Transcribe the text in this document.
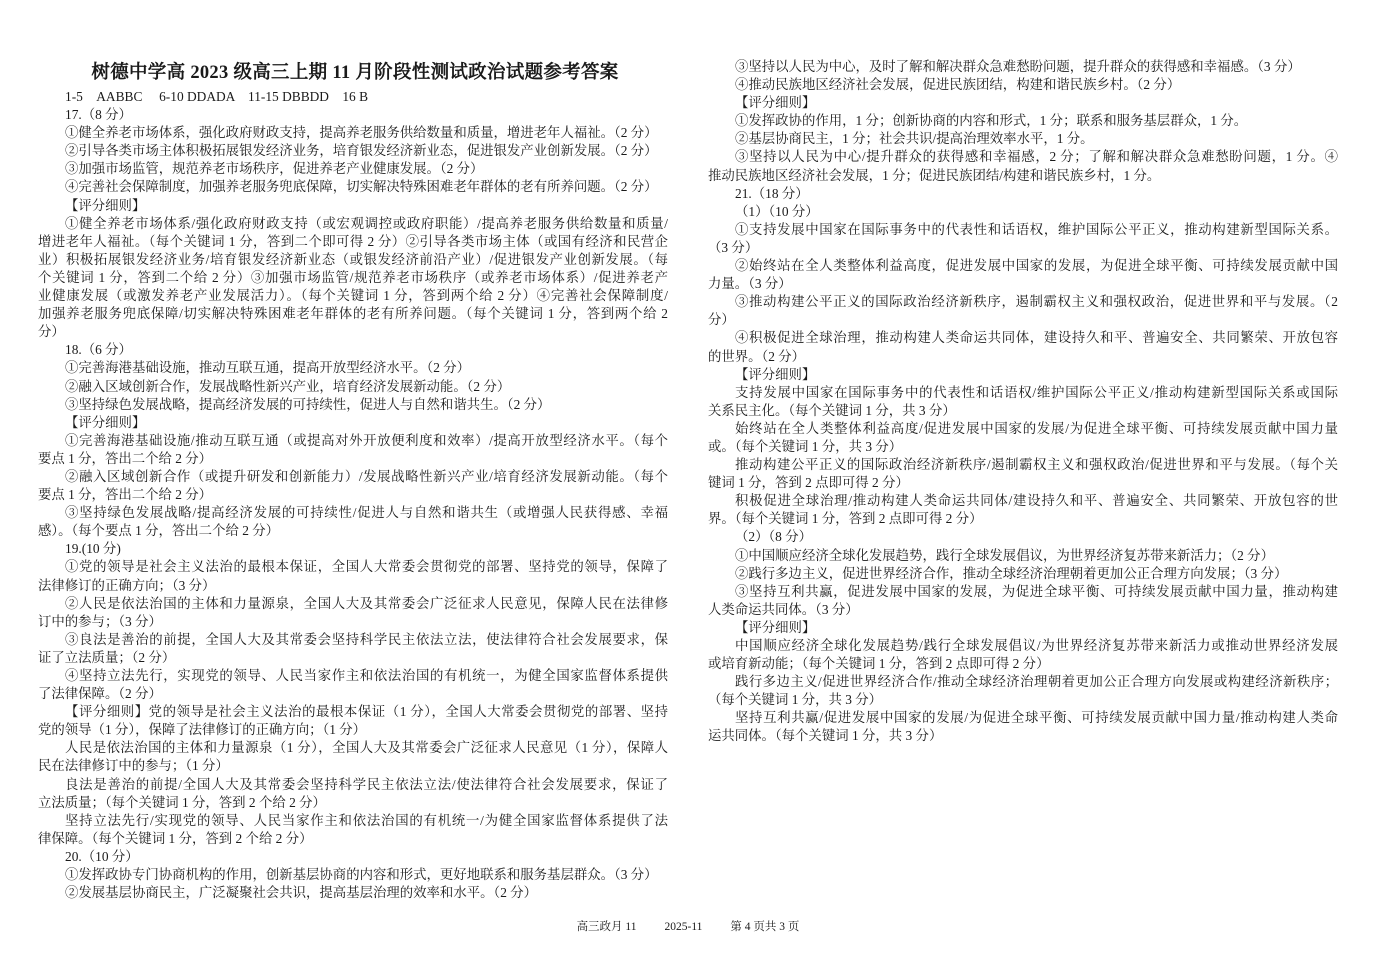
树德中学高 2023 级高三上期 11 月阶段性测试政治试题参考答案
1-5　AABBC　 6-10 DDADA　11-15 DBBDD　16 B
17.（8 分）
①健全养老市场体系，强化政府财政支持，提高养老服务供给数量和质量，增进老年人福祉。（2 分）
②引导各类市场主体积极拓展银发经济业务，培育银发经济新业态，促进银发产业创新发展。（2 分）
③加强市场监管，规范养老市场秩序，促进养老产业健康发展。（2 分）
④完善社会保障制度，加强养老服务兜底保障，切实解决特殊困难老年群体的老有所养问题。（2 分）
【评分细则】
①健全养老市场体系/强化政府财政支持（或宏观调控或政府职能）/提高养老服务供给数量和质量/
增进老年人福祉。（每个关键词 1 分，答到二个即可得 2 分）②引导各类市场主体（或国有经济和民营企
业）积极拓展银发经济业务/培育银发经济新业态（或银发经济前沿产业）/促进银发产业创新发展。（每
个关键词 1 分，答到二个给 2 分）③加强市场监管/规范养老市场秩序（或养老市场体系）/促进养老产
业健康发展（或激发养老产业发展活力）。（每个关键词 1 分，答到两个给 2 分）④完善社会保障制度/
加强养老服务兜底保障/切实解决特殊困难老年群体的老有所养问题。（每个关键词 1 分，答到两个给 2
分）
18.（6 分）
①完善海港基础设施，推动互联互通，提高开放型经济水平。（2 分）
②融入区域创新合作，发展战略性新兴产业，培育经济发展新动能。（2 分）
③坚持绿色发展战略，提高经济发展的可持续性，促进人与自然和谐共生。（2 分）
【评分细则】
①完善海港基础设施/推动互联互通（或提高对外开放便利度和效率）/提高开放型经济水平。（每个
要点 1 分，答出二个给 2 分）
②融入区域创新合作（或提升研发和创新能力）/发展战略性新兴产业/培育经济发展新动能。（每个
要点 1 分，答出二个给 2 分）
③坚持绿色发展战略/提高经济发展的可持续性/促进人与自然和谐共生（或增强人民获得感、幸福
感）。（每个要点 1 分，答出二个给 2 分）
19.(10 分)
①党的领导是社会主义法治的最根本保证，全国人大常委会贯彻党的部署、坚持党的领导，保障了
法律修订的正确方向；（3 分）
②人民是依法治国的主体和力量源泉，全国人大及其常委会广泛征求人民意见，保障人民在法律修
订中的参与；（3 分）
③良法是善治的前提，全国人大及其常委会坚持科学民主依法立法，使法律符合社会发展要求，保
证了立法质量；（2 分）
④坚持立法先行，实现党的领导、人民当家作主和依法治国的有机统一，为健全国家监督体系提供
了法律保障。（2 分）
【评分细则】党的领导是社会主义法治的最根本保证（1 分），全国人大常委会贯彻党的部署、坚持
党的领导（1 分），保障了法律修订的正确方向；（1 分）
人民是依法治国的主体和力量源泉（1 分），全国人大及其常委会广泛征求人民意见（1 分），保障人
民在法律修订中的参与；（1 分）
良法是善治的前提/全国人大及其常委会坚持科学民主依法立法/使法律符合社会发展要求，保证了
立法质量；（每个关键词 1 分，答到 2 个给 2 分）
坚持立法先行/实现党的领导、人民当家作主和依法治国的有机统一/为健全国家监督体系提供了法
律保障。（每个关键词 1 分，答到 2 个给 2 分）
20.（10 分）
①发挥政协专门协商机构的作用，创新基层协商的内容和形式，更好地联系和服务基层群众。（3 分）
②发展基层协商民主，广泛凝聚社会共识，提高基层治理的效率和水平。（2 分）
③坚持以人民为中心，及时了解和解决群众急难愁盼问题，提升群众的获得感和幸福感。（3 分）
④推动民族地区经济社会发展，促进民族团结，构建和谐民族乡村。（2 分）
【评分细则】
①发挥政协的作用，1 分；创新协商的内容和形式，1 分；联系和服务基层群众，1 分。
②基层协商民主，1 分；社会共识/提高治理效率水平，1 分。
③坚持以人民为中心/提升群众的获得感和幸福感，2 分；了解和解决群众急难愁盼问题，1 分。④
推动民族地区经济社会发展，1 分；促进民族团结/构建和谐民族乡村，1 分。
21.（18 分）
（1）（10 分）
①支持发展中国家在国际事务中的代表性和话语权，维护国际公平正义，推动构建新型国际关系。
（3 分）
②始终站在全人类整体利益高度，促进发展中国家的发展，为促进全球平衡、可持续发展贡献中国
力量。（3 分）
③推动构建公平正义的国际政治经济新秩序，遏制霸权主义和强权政治，促进世界和平与发展。（2
分）
④积极促进全球治理，推动构建人类命运共同体，建设持久和平、普遍安全、共同繁荣、开放包容
的世界。（2 分）
【评分细则】
支持发展中国家在国际事务中的代表性和话语权/维护国际公平正义/推动构建新型国际关系或国际
关系民主化。（每个关键词 1 分，共 3 分）
始终站在全人类整体利益高度/促进发展中国家的发展/为促进全球平衡、可持续发展贡献中国力量
或。（每个关键词 1 分，共 3 分）
推动构建公平正义的国际政治经济新秩序/遏制霸权主义和强权政治/促进世界和平与发展。（每个关
键词 1 分，答到 2 点即可得 2 分）
积极促进全球治理/推动构建人类命运共同体/建设持久和平、普遍安全、共同繁荣、开放包容的世
界。（每个关键词 1 分，答到 2 点即可得 2 分）
（2）（8 分）
①中国顺应经济全球化发展趋势，践行全球发展倡议，为世界经济复苏带来新活力；（2 分）
②践行多边主义，促进世界经济合作，推动全球经济治理朝着更加公正合理方向发展；（3 分）
③坚持互利共赢，促进发展中国家的发展，为促进全球平衡、可持续发展贡献中国力量，推动构建
人类命运共同体。（3 分）
【评分细则】
中国顺应经济全球化发展趋势/践行全球发展倡议/为世界经济复苏带来新活力或推动世界经济发展
或培育新动能；（每个关键词 1 分，答到 2 点即可得 2 分）
践行多边主义/促进世界经济合作/推动全球经济治理朝着更加公正合理方向发展或构建经济新秩序；
（每个关键词 1 分，共 3 分）
坚持互利共赢/促进发展中国家的发展/为促进全球平衡、可持续发展贡献中国力量/推动构建人类命
运共同体。（每个关键词 1 分，共 3 分）
高三政月 11 2025-11 第 4 页共 3 页
